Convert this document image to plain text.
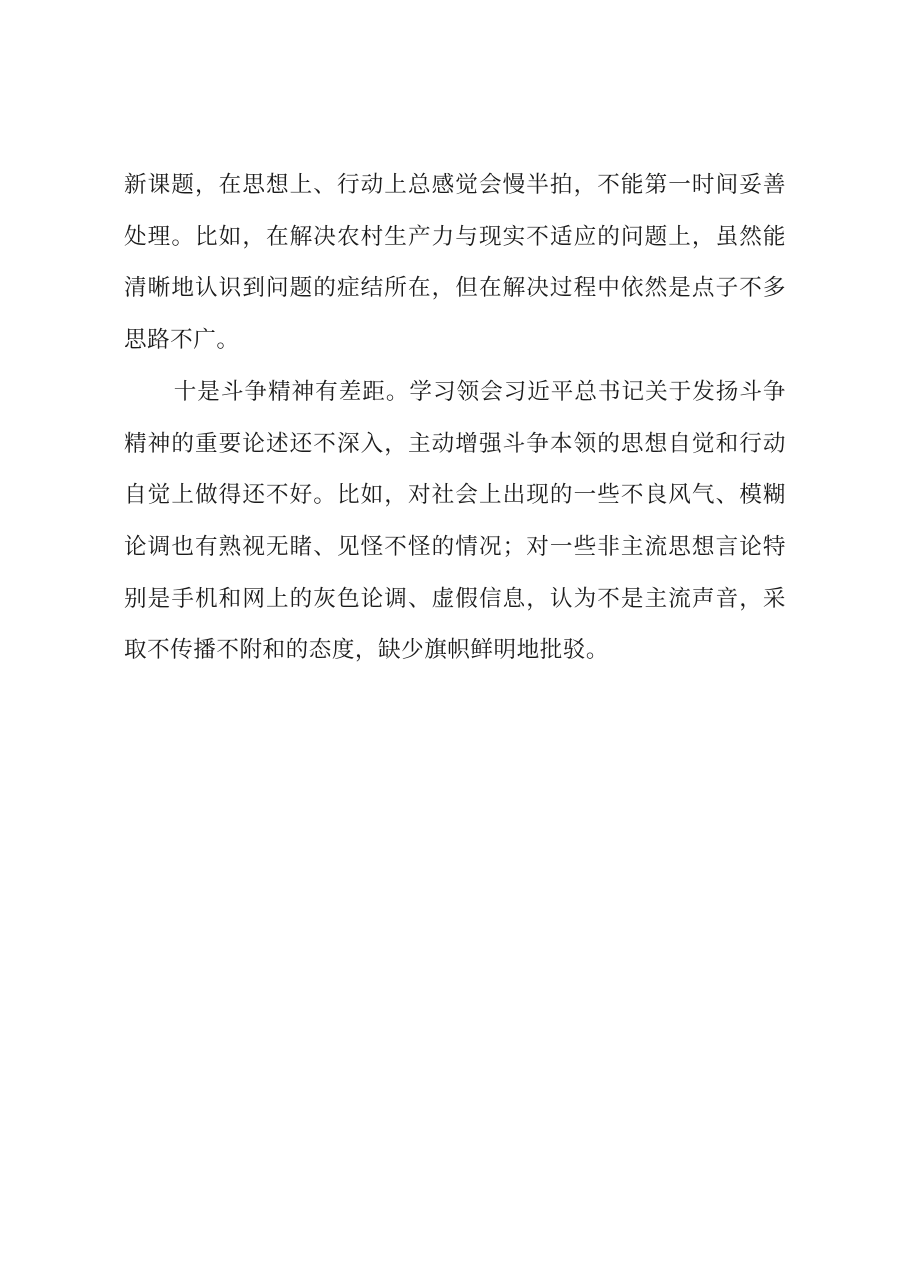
新课题，在思想上、行动上总感觉会慢半拍，不能第一时间妥善处理。比如，在解决农村生产力与现实不适应的问题上，虽然能清晰地认识到问题的症结所在，但在解决过程中依然是点子不多思路不广。

十是斗争精神有差距。学习领会习近平总书记关于发扬斗争精神的重要论述还不深入，主动增强斗争本领的思想自觉和行动自觉上做得还不好。比如，对社会上出现的一些不良风气、模糊论调也有熟视无睹、见怪不怪的情况；对一些非主流思想言论特别是手机和网上的灰色论调、虚假信息，认为不是主流声音，采取不传播不附和的态度，缺少旗帜鲜明地批驳。
